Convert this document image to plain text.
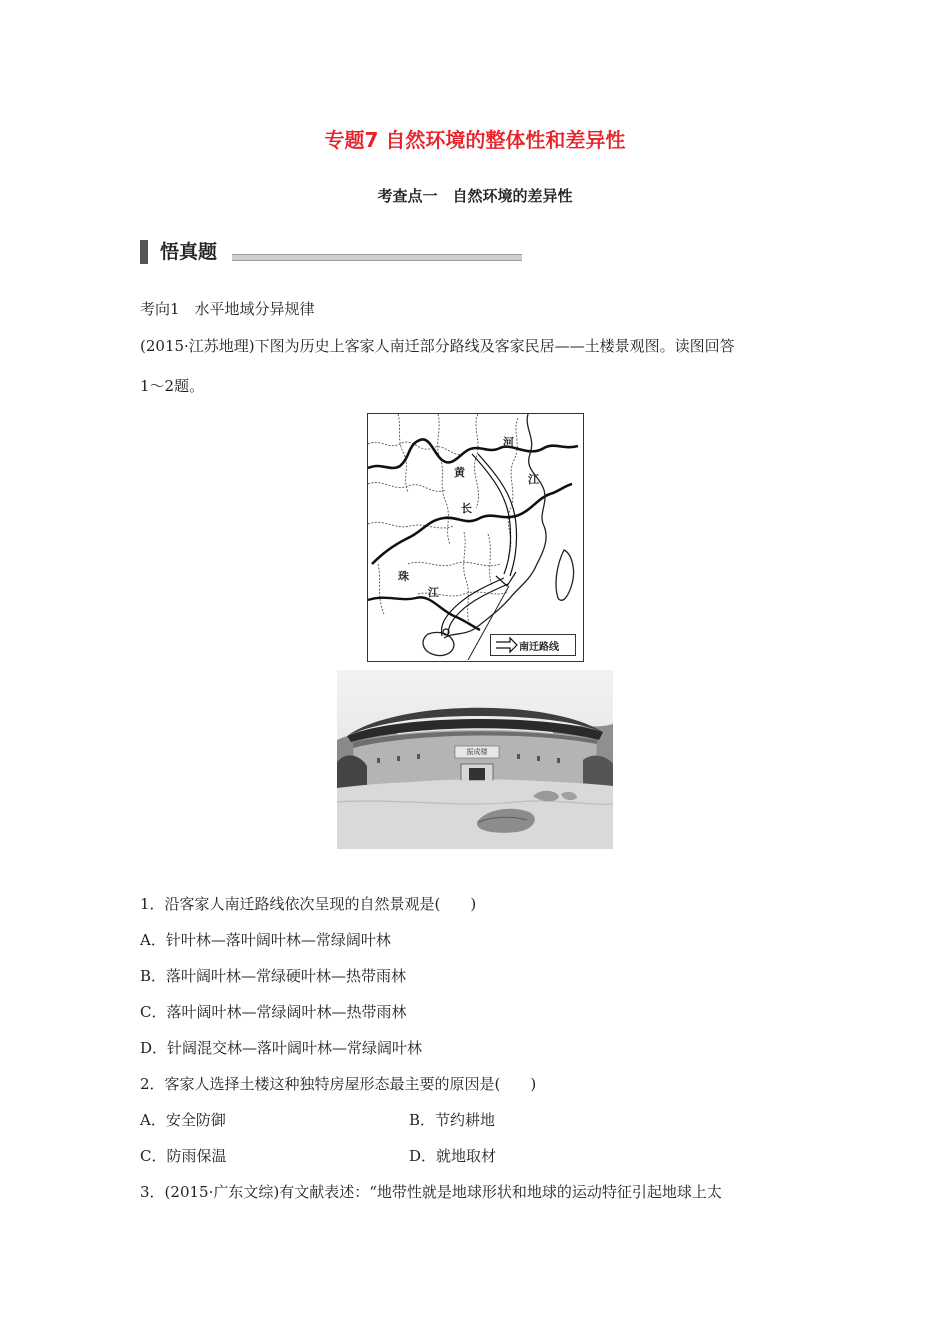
专题7 自然环境的整体性和差异性
考查点一　自然环境的差异性
悟真题
考向1　水平地域分异规律
(2015·江苏地理)下图为历史上客家人南迁部分路线及客家民居——土楼景观图。读图回答
1～2题。
河
黄
江
长
珠
江
南迁路线
振成楼
1．沿客家人南迁路线依次呈现的自然景观是(　　)
A．针叶林—落叶阔叶林—常绿阔叶林
B．落叶阔叶林—常绿硬叶林—热带雨林
C．落叶阔叶林—常绿阔叶林—热带雨林
D．针阔混交林—落叶阔叶林—常绿阔叶林
2．客家人选择土楼这种独特房屋形态最主要的原因是(　　)
A．安全防御	B．节约耕地
C．防雨保温	D．就地取材
3．(2015·广东文综)有文献表述：“地带性就是地球形状和地球的运动特征引起地球上太
